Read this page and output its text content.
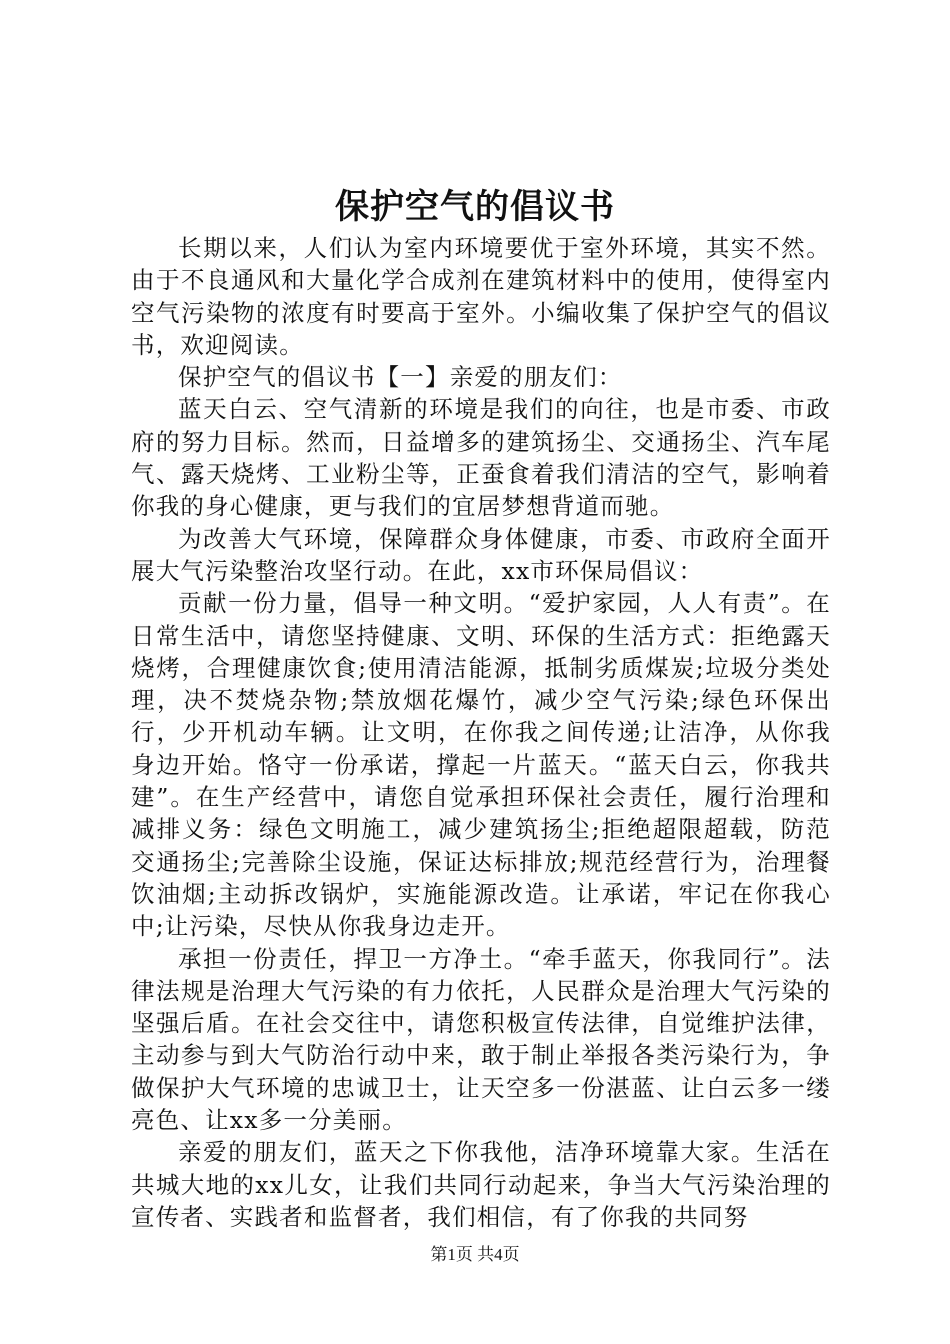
保护空气的倡议书

长期以来，人们认为室内环境要优于室外环境，其实不然。由于不良通风和大量化学合成剂在建筑材料中的使用，使得室内空气污染物的浓度有时要高于室外。小编收集了保护空气的倡议书，欢迎阅读。

保护空气的倡议书【一】亲爱的朋友们：

蓝天白云、空气清新的环境是我们的向往，也是市委、市政府的努力目标。然而，日益增多的建筑扬尘、交通扬尘、汽车尾气、露天烧烤、工业粉尘等，正蚕食着我们清洁的空气，影响着你我的身心健康，更与我们的宜居梦想背道而驰。

为改善大气环境，保障群众身体健康，市委、市政府全面开展大气污染整治攻坚行动。在此，xx市环保局倡议：

贡献一份力量，倡导一种文明。“爱护家园，人人有责”。在日常生活中，请您坚持健康、文明、环保的生活方式：拒绝露天烧烤，合理健康饮食;使用清洁能源，抵制劣质煤炭;垃圾分类处理，决不焚烧杂物;禁放烟花爆竹，减少空气污染;绿色环保出行，少开机动车辆。让文明，在你我之间传递;让洁净，从你我身边开始。恪守一份承诺，撑起一片蓝天。“蓝天白云，你我共建”。在生产经营中，请您自觉承担环保社会责任，履行治理和减排义务：绿色文明施工，减少建筑扬尘;拒绝超限超载，防范交通扬尘;完善除尘设施，保证达标排放;规范经营行为，治理餐饮油烟;主动拆改锅炉，实施能源改造。让承诺，牢记在你我心中;让污染，尽快从你我身边走开。

承担一份责任，捍卫一方净土。“牵手蓝天，你我同行”。法律法规是治理大气污染的有力依托，人民群众是治理大气污染的坚强后盾。在社会交往中，请您积极宣传法律，自觉维护法律，主动参与到大气防治行动中来，敢于制止举报各类污染行为，争做保护大气环境的忠诚卫士，让天空多一份湛蓝、让白云多一缕亮色、让xx多一分美丽。

亲爱的朋友们，蓝天之下你我他，洁净环境靠大家。生活在共城大地的xx儿女，让我们共同行动起来，争当大气污染治理的宣传者、实践者和监督者，我们相信，有了你我的共同努

第1页 共4页
